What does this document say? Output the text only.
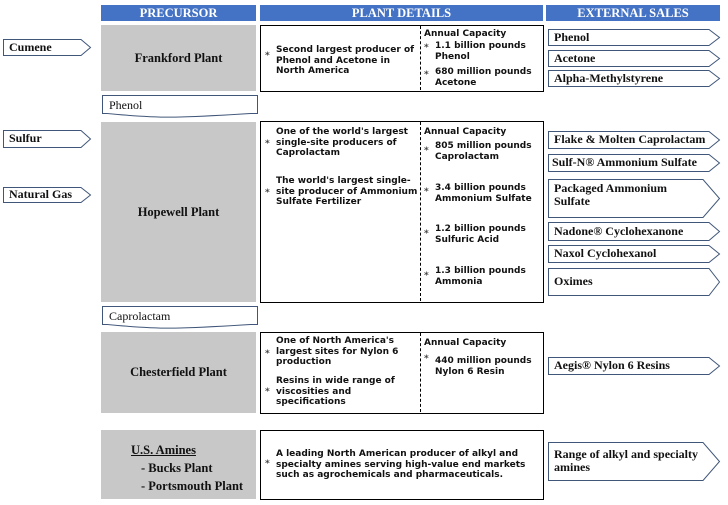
PRECURSOR	PLANT DETAILS	EXTERNAL SALES
Cumene
Sulfur
Natural Gas
Frankford Plant	*
Second largest producer of Phenol and Acetone in North America
Annual Capacity
* 1.1 billion pounds Phenol
* 680 million pounds Acetone
Phenol
Acetone
Alpha-Methylstyrene
Phenol
Hopewell Plant
*
One of the world's largest single-site producers of Caprolactam
*
The world's largest single-site producer of Ammonium Sulfate Fertilizer
Annual Capacity
* 805 million pounds Caprolactam
* 3.4 billion pounds Ammonium Sulfate
* 1.2 billion pounds Sulfuric Acid
* 1.3 billion pounds Ammonia
Flake & Molten Caprolactam
Sulf-N® Ammonium Sulfate
Packaged Ammonium Sulfate
Nadone® Cyclohexanone
Naxol Cyclohexanol
Oximes
Caprolactam
Chesterfield Plant
*
One of North America's largest sites for Nylon 6 production
*
Resins in wide range of viscosities and specifications
Annual Capacity
* 440 million pounds Nylon 6 Resin	Aegis® Nylon 6 Resins
U.S. Amines
- Bucks Plant
- Portsmouth Plant
*
A leading North American producer of alkyl and specialty amines serving high-value end markets such as agrochemicals and pharmaceuticals.
Range of alkyl and specialty amines
